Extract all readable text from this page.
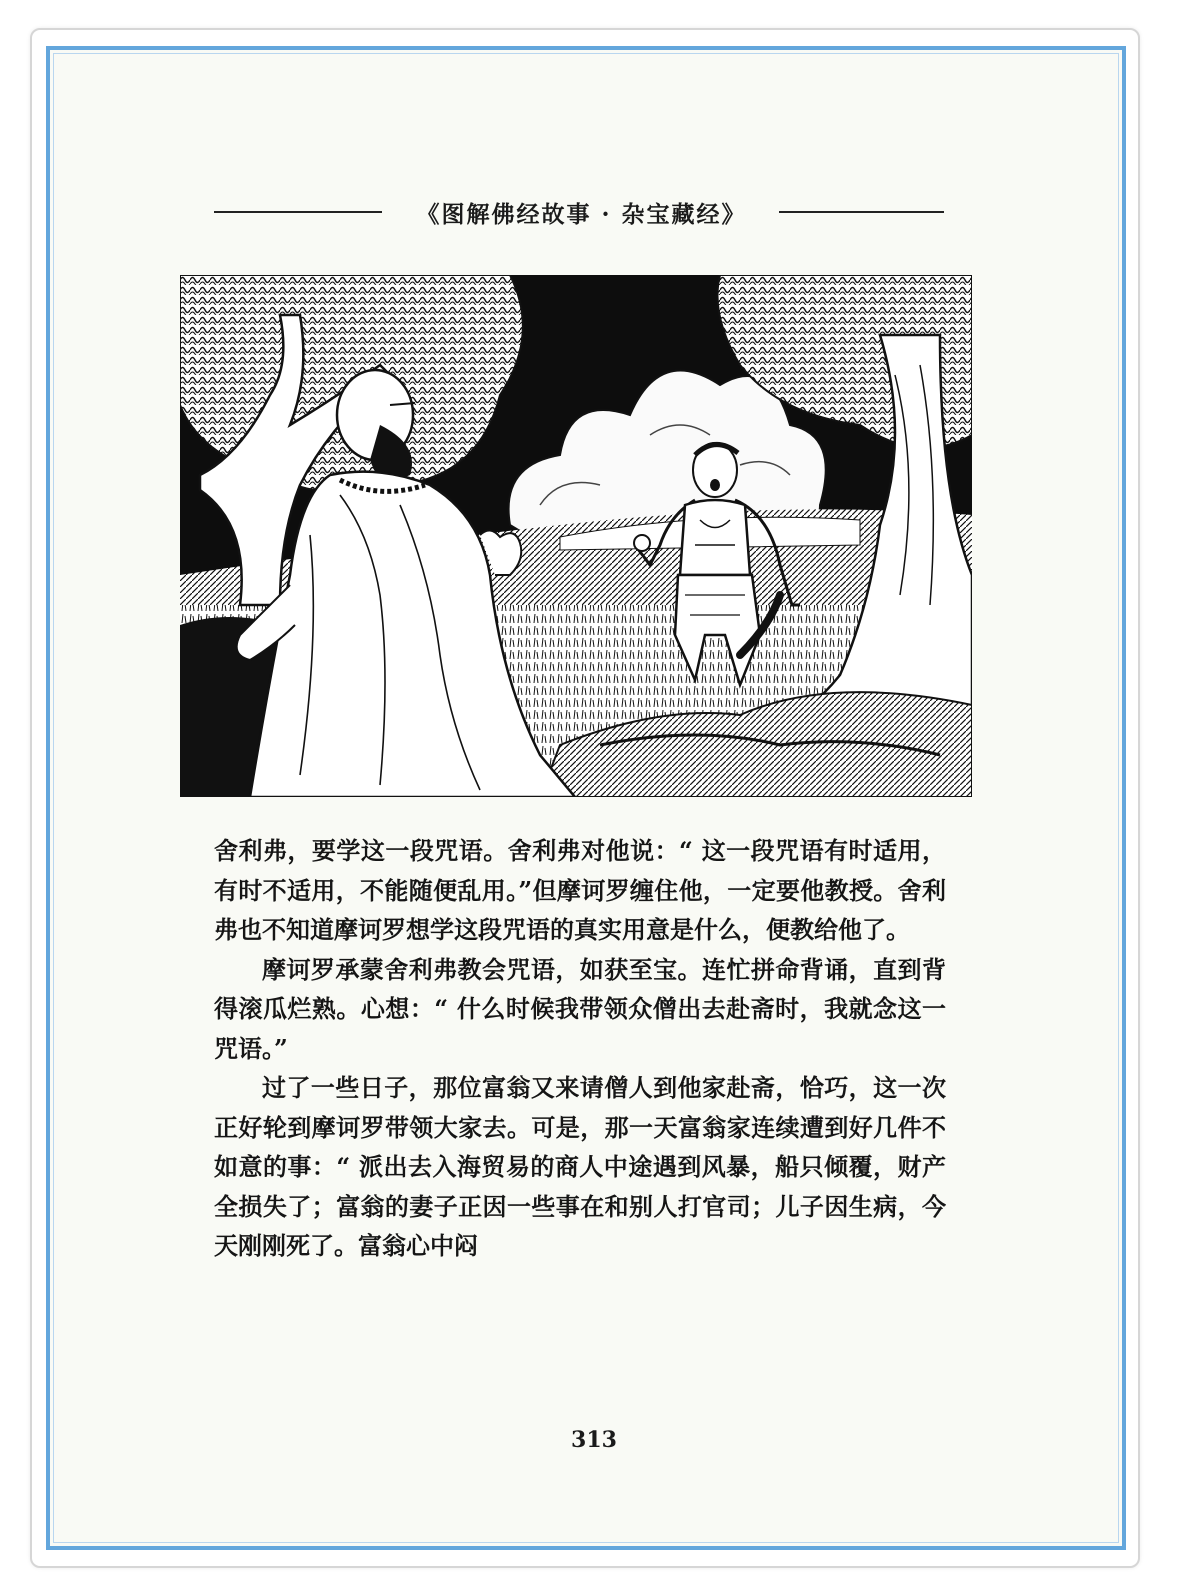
《图解佛经故事 · 杂宝藏经》

舍利弗，要学这一段咒语。舍利弗对他说：“ 这一段咒语有时适用，有时不适用，不能随便乱用。”但摩诃罗缠住他，一定要他教授。舍利弗也不知道摩诃罗想学这段咒语的真实用意是什么，便教给他了。

摩诃罗承蒙舍利弗教会咒语，如获至宝。连忙拼命背诵，直到背得滚瓜烂熟。心想：“ 什么时候我带领众僧出去赴斋时，我就念这一咒语。”

过了一些日子，那位富翁又来请僧人到他家赴斋，恰巧，这一次正好轮到摩诃罗带领大家去。可是，那一天富翁家连续遭到好几件不如意的事：“ 派出去入海贸易的商人中途遇到风暴，船只倾覆，财产全损失了；富翁的妻子正因一些事在和别人打官司；儿子因生病，今天刚刚死了。富翁心中闷

313
